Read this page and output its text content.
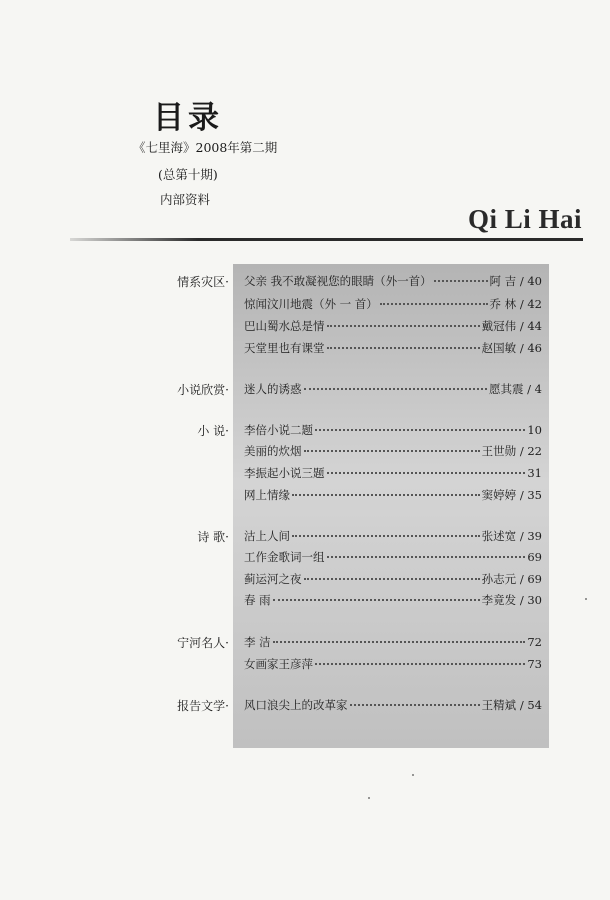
目录
《七里海》2008年第二期
(总第十期)
内部资料
Qi Li Hai
情系灾区· 父亲 我不敢凝视您的眼睛（外一首）	阿 吉 / 40
惊闻汶川地震（外 一 首）	乔 林 / 42
巴山蜀水总是情	戴冠伟 / 44
天堂里也有课堂	赵国敏 / 46
小说欣赏· 迷人的诱惑	愿其震 / 4
小 说· 李倍小说二题	10
美丽的炊烟	王世勋 / 22
李振起小说三题	31
网上情缘	窦婷婷 / 35
诗 歌· 沽上人间	张述宽 / 39
工作金歌词一组	69
蓟运河之夜	孙志元 / 69
春 雨	李竟发 / 30
宁河名人· 李 洁	72
女画家王彦萍	73
报告文学· 风口浪尖上的改革家	王精斌 / 54
